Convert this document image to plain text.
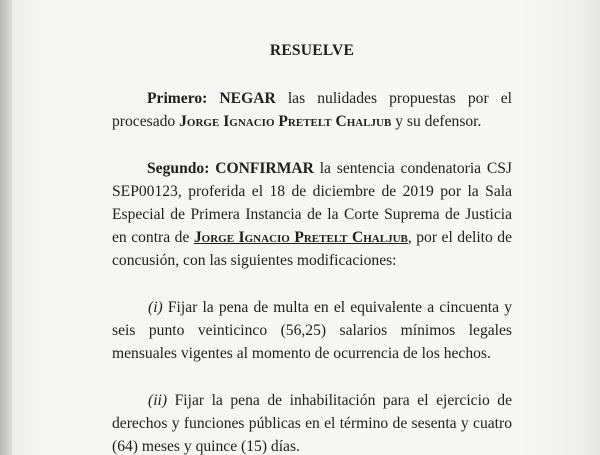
RESUELVE

Primero: NEGAR las nulidades propuestas por el procesado Jorge Ignacio Pretelt Chaljub y su defensor.

Segundo: CONFIRMAR la sentencia condenatoria CSJ SEP00123, proferida el 18 de diciembre de 2019 por la Sala Especial de Primera Instancia de la Corte Suprema de Justicia en contra de Jorge Ignacio Pretelt Chaljub, por el delito de concusión, con las siguientes modificaciones:

(i) Fijar la pena de multa en el equivalente a cincuenta y seis punto veinticinco (56,25) salarios mínimos legales mensuales vigentes al momento de ocurrencia de los hechos.

(ii) Fijar la pena de inhabilitación para el ejercicio de derechos y funciones públicas en el término de sesenta y cuatro (64) meses y quince (15) días.
